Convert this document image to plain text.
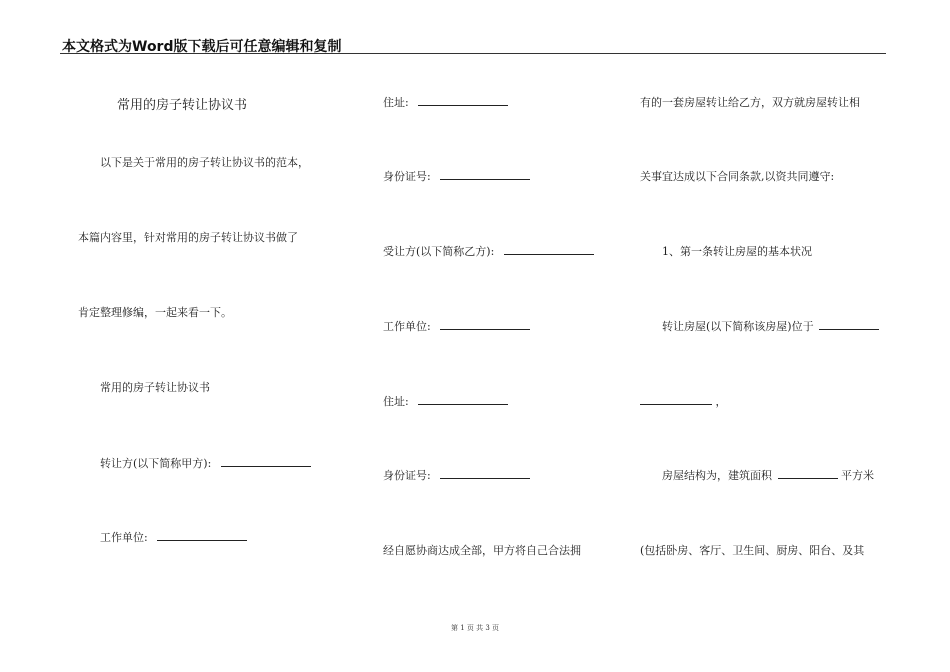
本文格式为Word版下载后可任意编辑和复制
常用的房子转让协议书
以下是关于常用的房子转让协议书的范本，
本篇内容里，针对常用的房子转让协议书做了
肯定整理修编，一起来看一下。
常用的房子转让协议书
转让方(以下简称甲方):
工作单位:
住址:
身份证号:
受让方(以下简称乙方):
工作单位:
住址:
身份证号:
经自愿协商达成全部，甲方将自己合法拥
有的一套房屋转让给乙方，双方就房屋转让相
关事宜达成以下合同条款,以资共同遵守:
1、第一条转让房屋的基本状况
转让房屋(以下简称该房屋)位于
，
房屋结构为，建筑面积	平方米
(包括卧房、客厅、卫生间、厨房、阳台、及其
第 1 页 共 3 页
